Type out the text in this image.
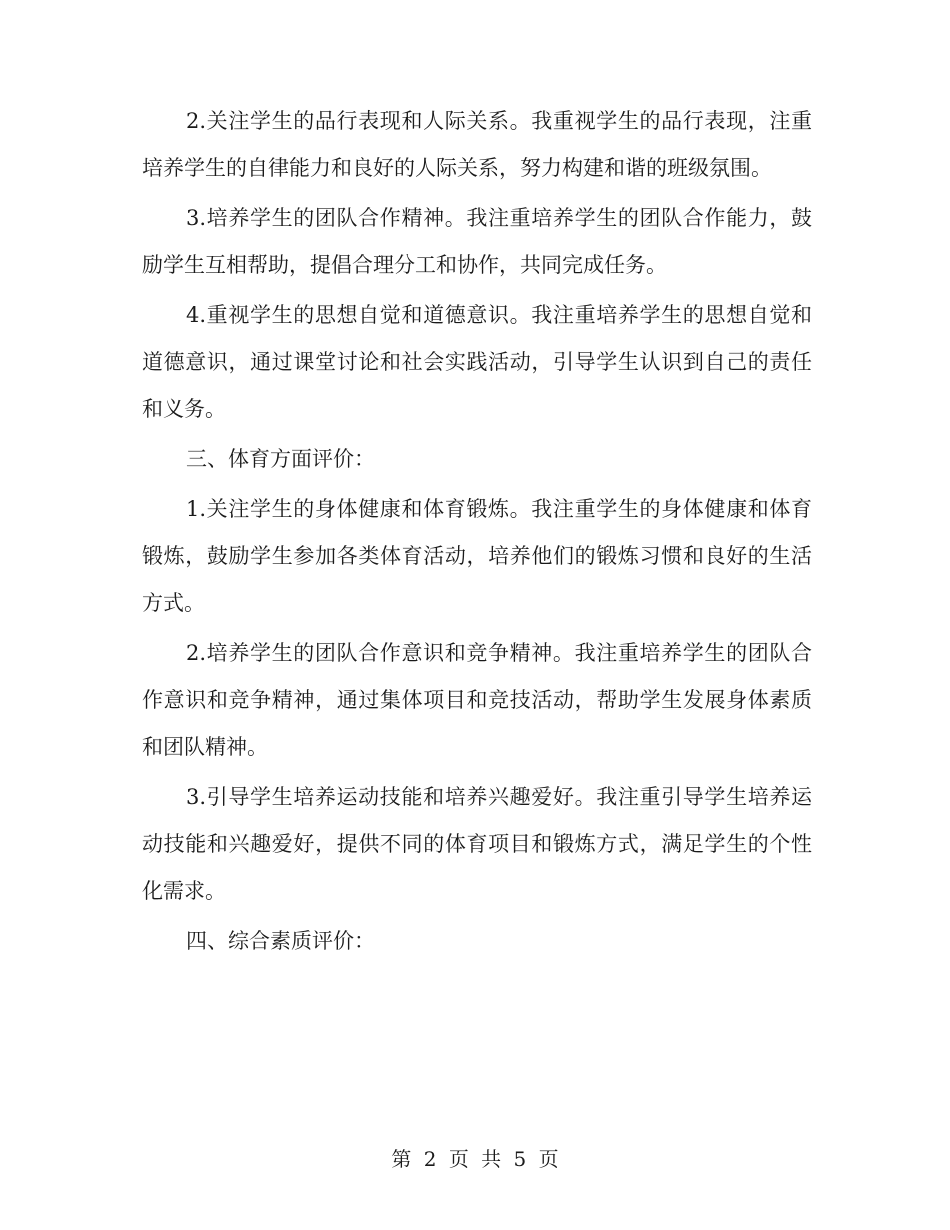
2.关注学生的品行表现和人际关系。我重视学生的品行表现，注重培养学生的自律能力和良好的人际关系，努力构建和谐的班级氛围。

3.培养学生的团队合作精神。我注重培养学生的团队合作能力，鼓励学生互相帮助，提倡合理分工和协作，共同完成任务。

4.重视学生的思想自觉和道德意识。我注重培养学生的思想自觉和道德意识，通过课堂讨论和社会实践活动，引导学生认识到自己的责任和义务。

三、体育方面评价：

1.关注学生的身体健康和体育锻炼。我注重学生的身体健康和体育锻炼，鼓励学生参加各类体育活动，培养他们的锻炼习惯和良好的生活方式。

2.培养学生的团队合作意识和竞争精神。我注重培养学生的团队合作意识和竞争精神，通过集体项目和竞技活动，帮助学生发展身体素质和团队精神。

3.引导学生培养运动技能和培养兴趣爱好。我注重引导学生培养运动技能和兴趣爱好，提供不同的体育项目和锻炼方式，满足学生的个性化需求。

四、综合素质评价：

第 2 页 共 5 页
